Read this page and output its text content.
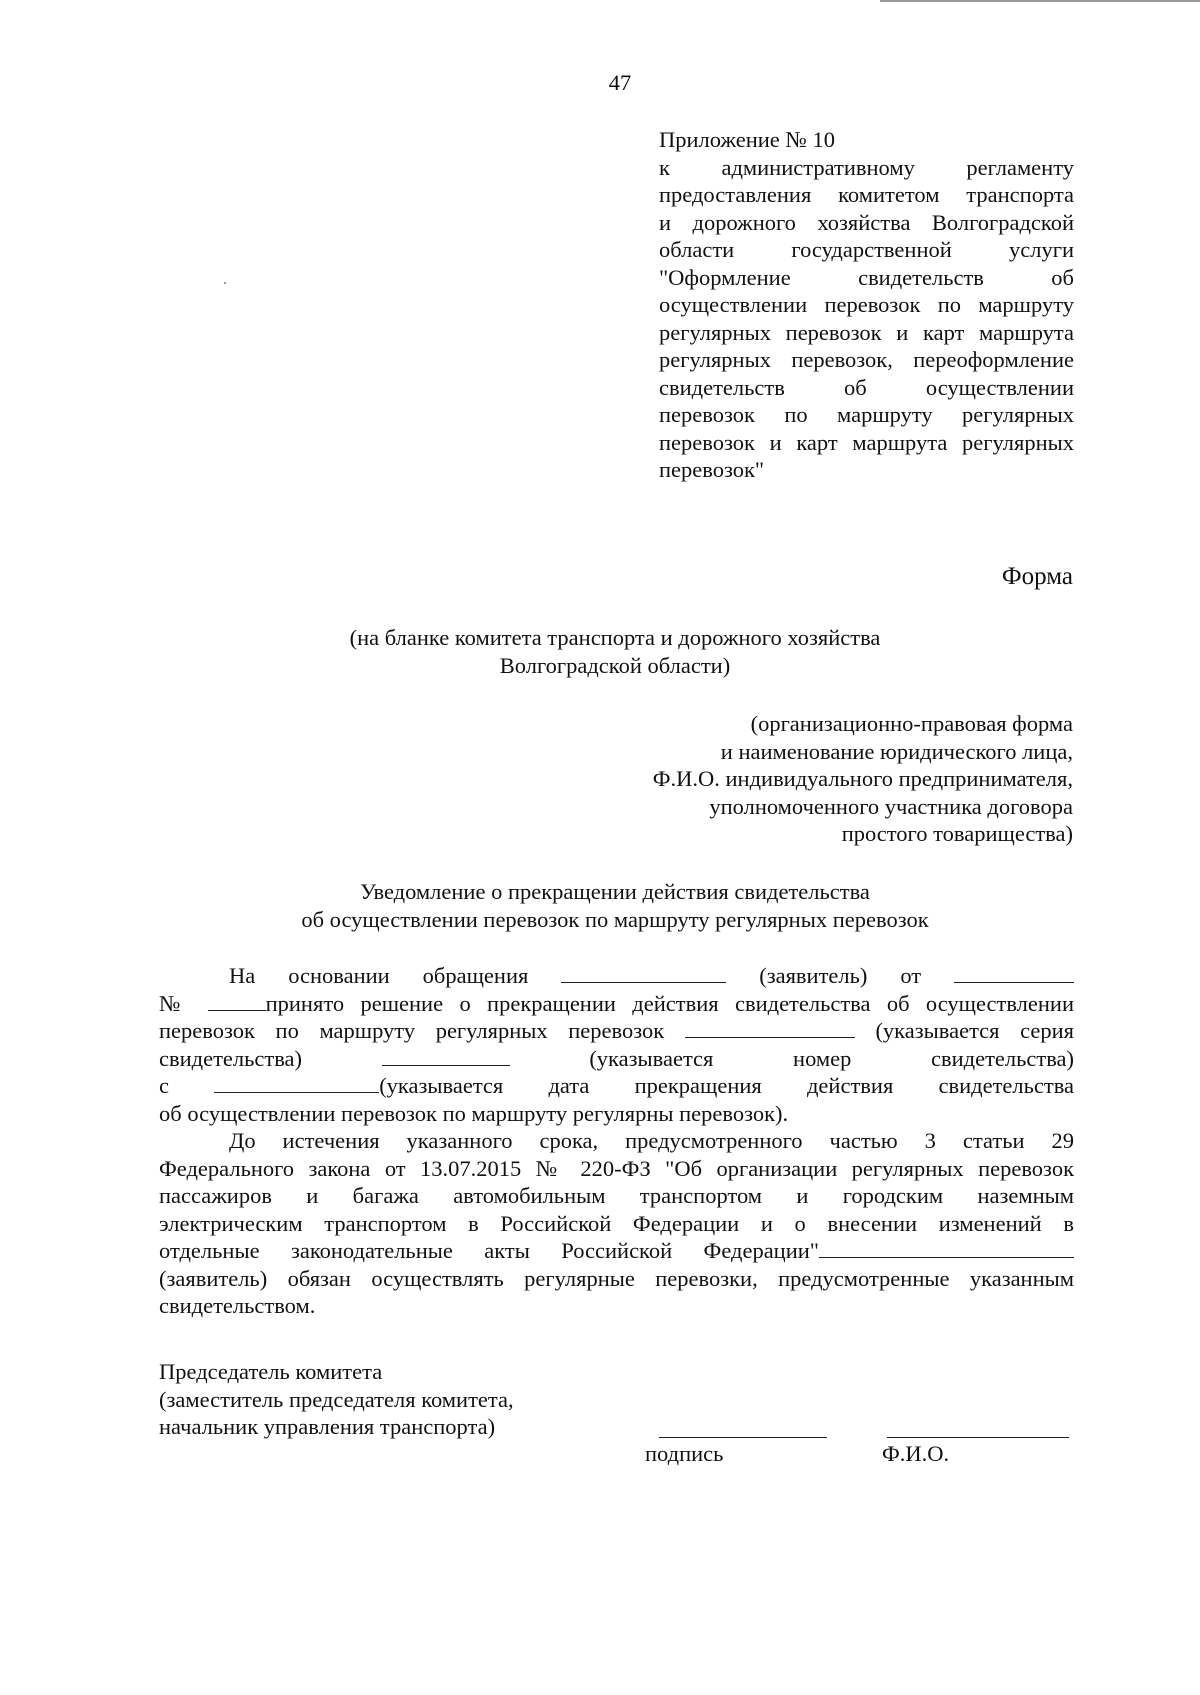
47
Приложение № 10
к административному регламенту
предоставления комитетом транспорта
и дорожного хозяйства Волгоградской
области государственной услуги
"Оформление свидетельств об
осуществлении перевозок по маршруту
регулярных перевозок и карт маршрута
регулярных перевозок, переоформление
свидетельств об осуществлении
перевозок по маршруту регулярных
перевозок и карт маршрута регулярных
перевозок"
Форма
(на бланке комитета транспорта и дорожного хозяйства
Волгоградской области)
(организационно-правовая форма
и наименование юридического лица,
Ф.И.О. индивидуального предпринимателя,
уполномоченного участника договора
простого товарищества)
Уведомление о прекращении действия свидетельства
об осуществлении перевозок по маршруту регулярных перевозок
На основании обращения	(заявитель) от
№	принято решение о прекращении действия свидетельства об осуществлении
перевозок по маршруту регулярных перевозок	(указывается серия
свидетельства)	(указывается	номер	свидетельства)
с	(указывается дата прекращения действия свидетельства
об осуществлении перевозок по маршруту регулярны перевозок).
До истечения указанного срока, предусмотренного частью 3 статьи 29
Федерального закона от 13.07.2015 № 220-ФЗ "Об организации регулярных перевозок
пассажиров и багажа автомобильным транспортом и городским наземным
электрическим транспортом в Российской Федерации и о внесении изменений в
отдельные законодательные акты Российской Федерации"
(заявитель) обязан осуществлять регулярные перевозки, предусмотренные указанным
свидетельством.
Председатель комитета
(заместитель председателя комитета,
начальник управления транспорта)
подпись	Ф.И.О.
